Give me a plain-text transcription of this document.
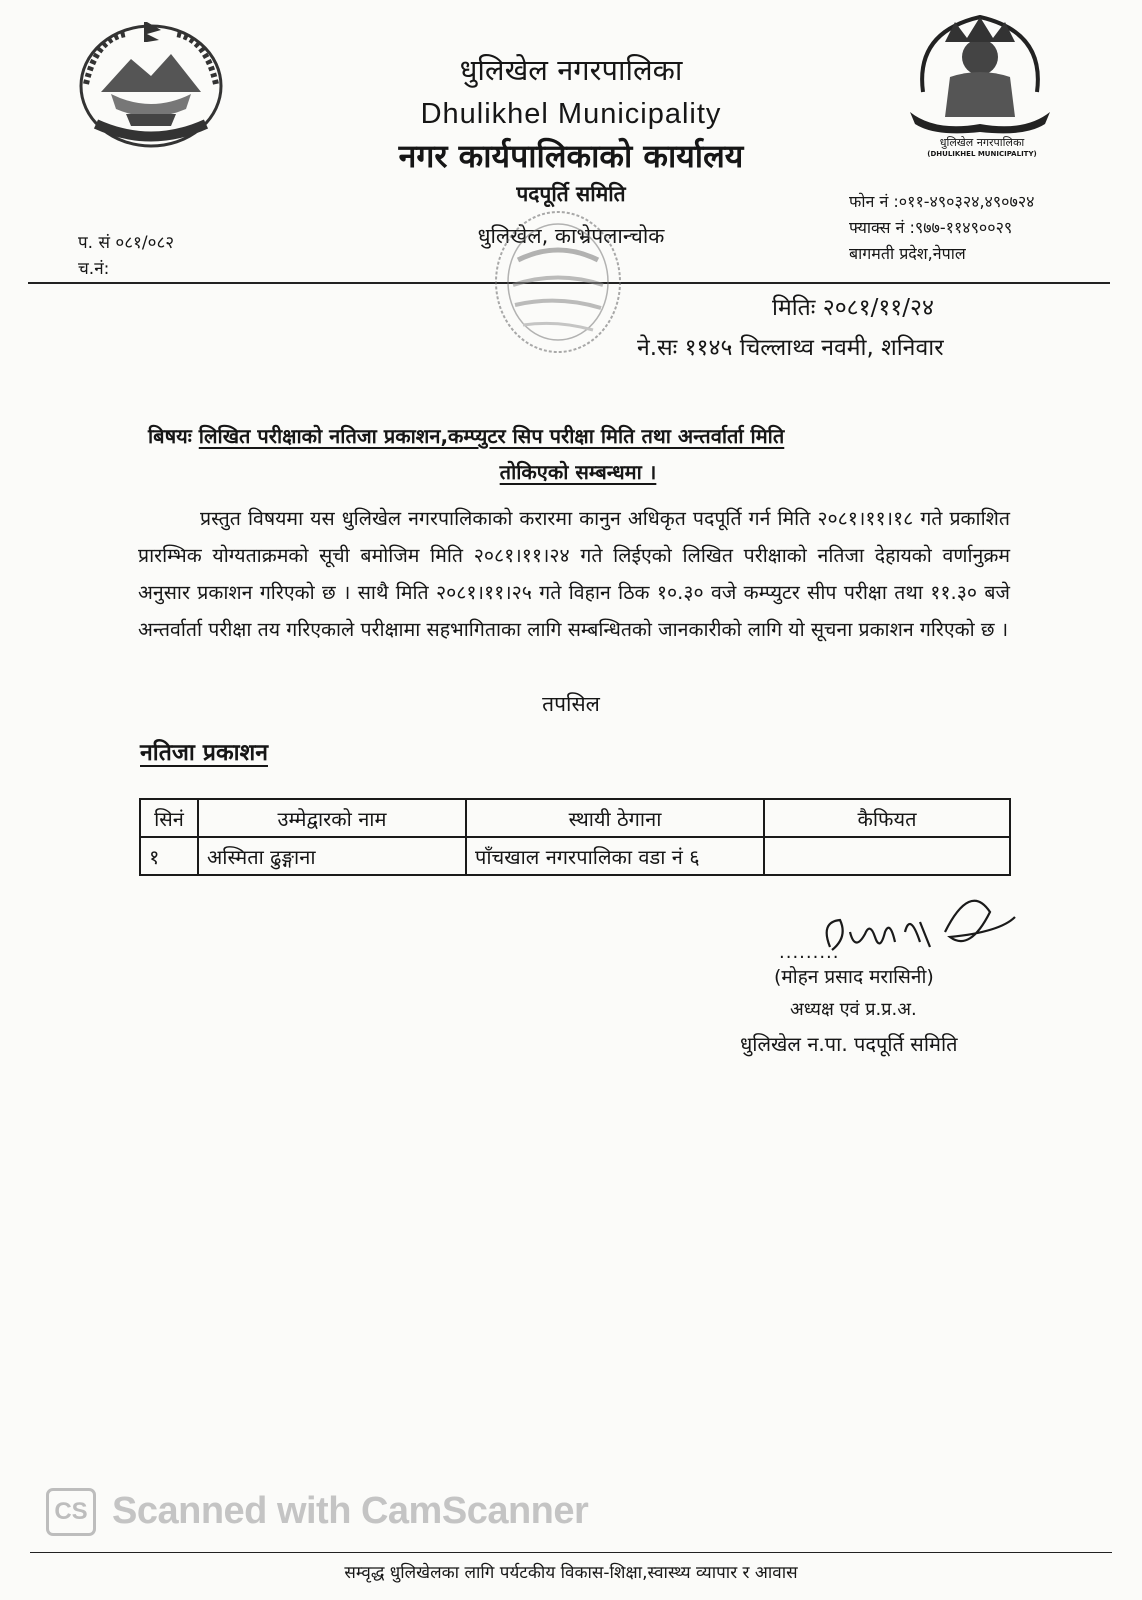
धुलिखेल नगरपालिका
(DHULIKHEL MUNICIPALITY)
धुलिखेल नगरपालिका
Dhulikhel Municipality
नगर कार्यपालिकाको कार्यालय
पदपूर्ति समिति
धुलिखेल, काभ्रेपलान्चोक
प. सं ०८१/०८२
च.नं:
फोन नं :०११-४९०३२४,४९०७२४
फ्याक्स नं :९७७-११४९००२९
बागमती प्रदेश,नेपाल
मितिः २०८१/११/२४
ने.सः ११४५ चिल्लाथ्व नवमी, शनिवार
बिषयः लिखित परीक्षाको नतिजा प्रकाशन,कम्प्युटर सिप परीक्षा मिति तथा अन्तर्वार्ता मिति

तोकिएको सम्बन्धमा ।
प्रस्तुत विषयमा यस धुलिखेल नगरपालिकाको करारमा कानुन अधिकृत पदपूर्ति गर्न मिति २०८१।११।१८ गते प्रकाशित प्रारम्भिक योग्यताक्रमको सूची बमोजिम मिति २०८१।११।२४ गते लिईएको लिखित परीक्षाको नतिजा देहायको वर्णानुक्रम अनुसार प्रकाशन गरिएको छ । साथै मिति २०८१।११।२५ गते विहान ठिक १०.३० वजे कम्प्युटर सीप परीक्षा तथा ११.३० बजे अन्तर्वार्ता परीक्षा तय गरिएकाले परीक्षामा सहभागिताका लागि सम्बन्धितको जानकारीको लागि यो सूचना प्रकाशन गरिएको छ ।
तपसिल
नतिजा प्रकाशन
सिनं	उम्मेद्वारको नाम	स्थायी ठेगाना	कैफियत
१	अस्मिता ढुङ्गाना	पाँचखाल नगरपालिका वडा नं ६	
.........
(मोहन प्रसाद मरासिनी)
अध्यक्ष एवं प्र.प्र.अ.
धुलिखेल न.पा. पदपूर्ति समिति
CS Scanned with CamScanner
सम्वृद्ध धुलिखेलका लागि पर्यटकीय विकास-शिक्षा,स्वास्थ्य व्यापार र आवास
